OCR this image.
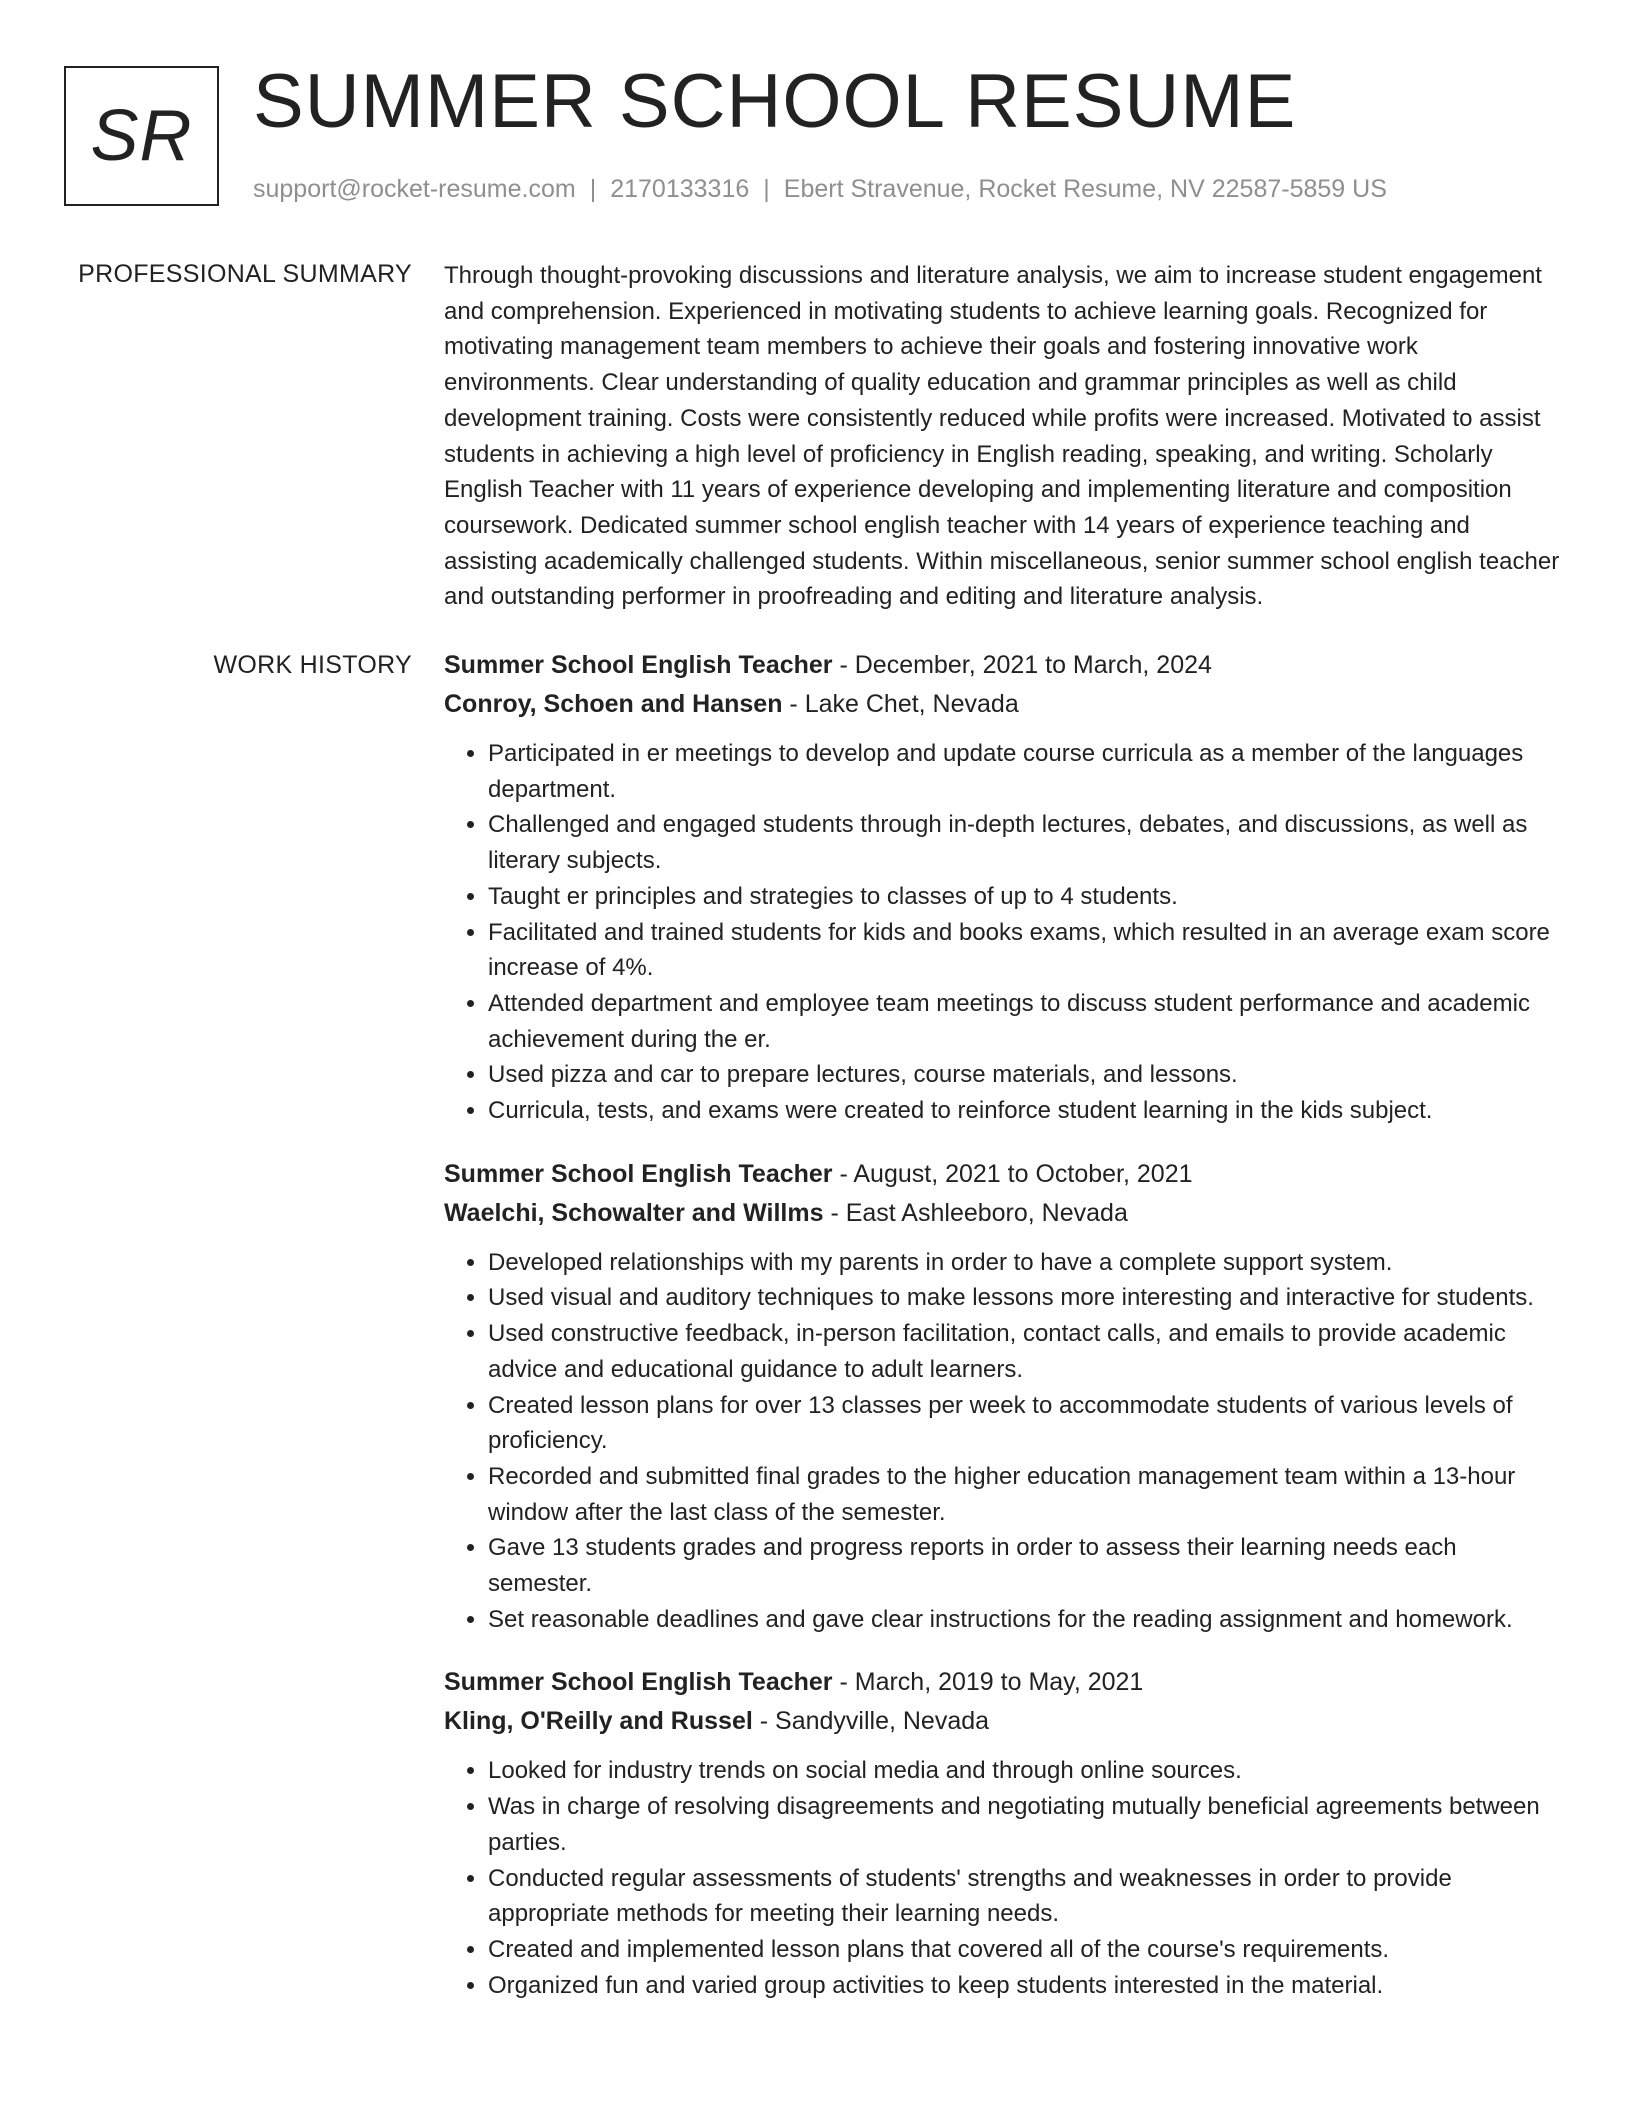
SR SUMMER SCHOOL RESUME
support@rocket-resume.com | 2170133316 | Ebert Stravenue, Rocket Resume, NV 22587-5859 US
PROFESSIONAL SUMMARY Through thought-provoking discussions and literature analysis, we aim to increase student engagement and comprehension. Experienced in motivating students to achieve learning goals. Recognized for motivating management team members to achieve their goals and fostering innovative work environments. Clear understanding of quality education and grammar principles as well as child development training. Costs were consistently reduced while profits were increased. Motivated to assist students in achieving a high level of proficiency in English reading, speaking, and writing. Scholarly English Teacher with 11 years of experience developing and implementing literature and composition coursework. Dedicated summer school english teacher with 14 years of experience teaching and assisting academically challenged students. Within miscellaneous, senior summer school english teacher and outstanding performer in proofreading and editing and literature analysis.

WORK HISTORY Summer School English Teacher - December, 2021 to March, 2024
Conroy, Schoen and Hansen - Lake Chet, Nevada
• Participated in er meetings to develop and update course curricula as a member of the languages department.
• Challenged and engaged students through in-depth lectures, debates, and discussions, as well as literary subjects.
• Taught er principles and strategies to classes of up to 4 students.
• Facilitated and trained students for kids and books exams, which resulted in an average exam score increase of 4%.
• Attended department and employee team meetings to discuss student performance and academic achievement during the er.
• Used pizza and car to prepare lectures, course materials, and lessons.
• Curricula, tests, and exams were created to reinforce student learning in the kids subject.
Summer School English Teacher - August, 2021 to October, 2021
Waelchi, Schowalter and Willms - East Ashleeboro, Nevada
• Developed relationships with my parents in order to have a complete support system.
• Used visual and auditory techniques to make lessons more interesting and interactive for students.
• Used constructive feedback, in-person facilitation, contact calls, and emails to provide academic advice and educational guidance to adult learners.
• Created lesson plans for over 13 classes per week to accommodate students of various levels of proficiency.
• Recorded and submitted final grades to the higher education management team within a 13-hour window after the last class of the semester.
• Gave 13 students grades and progress reports in order to assess their learning needs each semester.
• Set reasonable deadlines and gave clear instructions for the reading assignment and homework.
Summer School English Teacher - March, 2019 to May, 2021
Kling, O'Reilly and Russel - Sandyville, Nevada
• Looked for industry trends on social media and through online sources.
• Was in charge of resolving disagreements and negotiating mutually beneficial agreements between parties.
• Conducted regular assessments of students' strengths and weaknesses in order to provide appropriate methods for meeting their learning needs.
• Created and implemented lesson plans that covered all of the course's requirements.
• Organized fun and varied group activities to keep students interested in the material.
